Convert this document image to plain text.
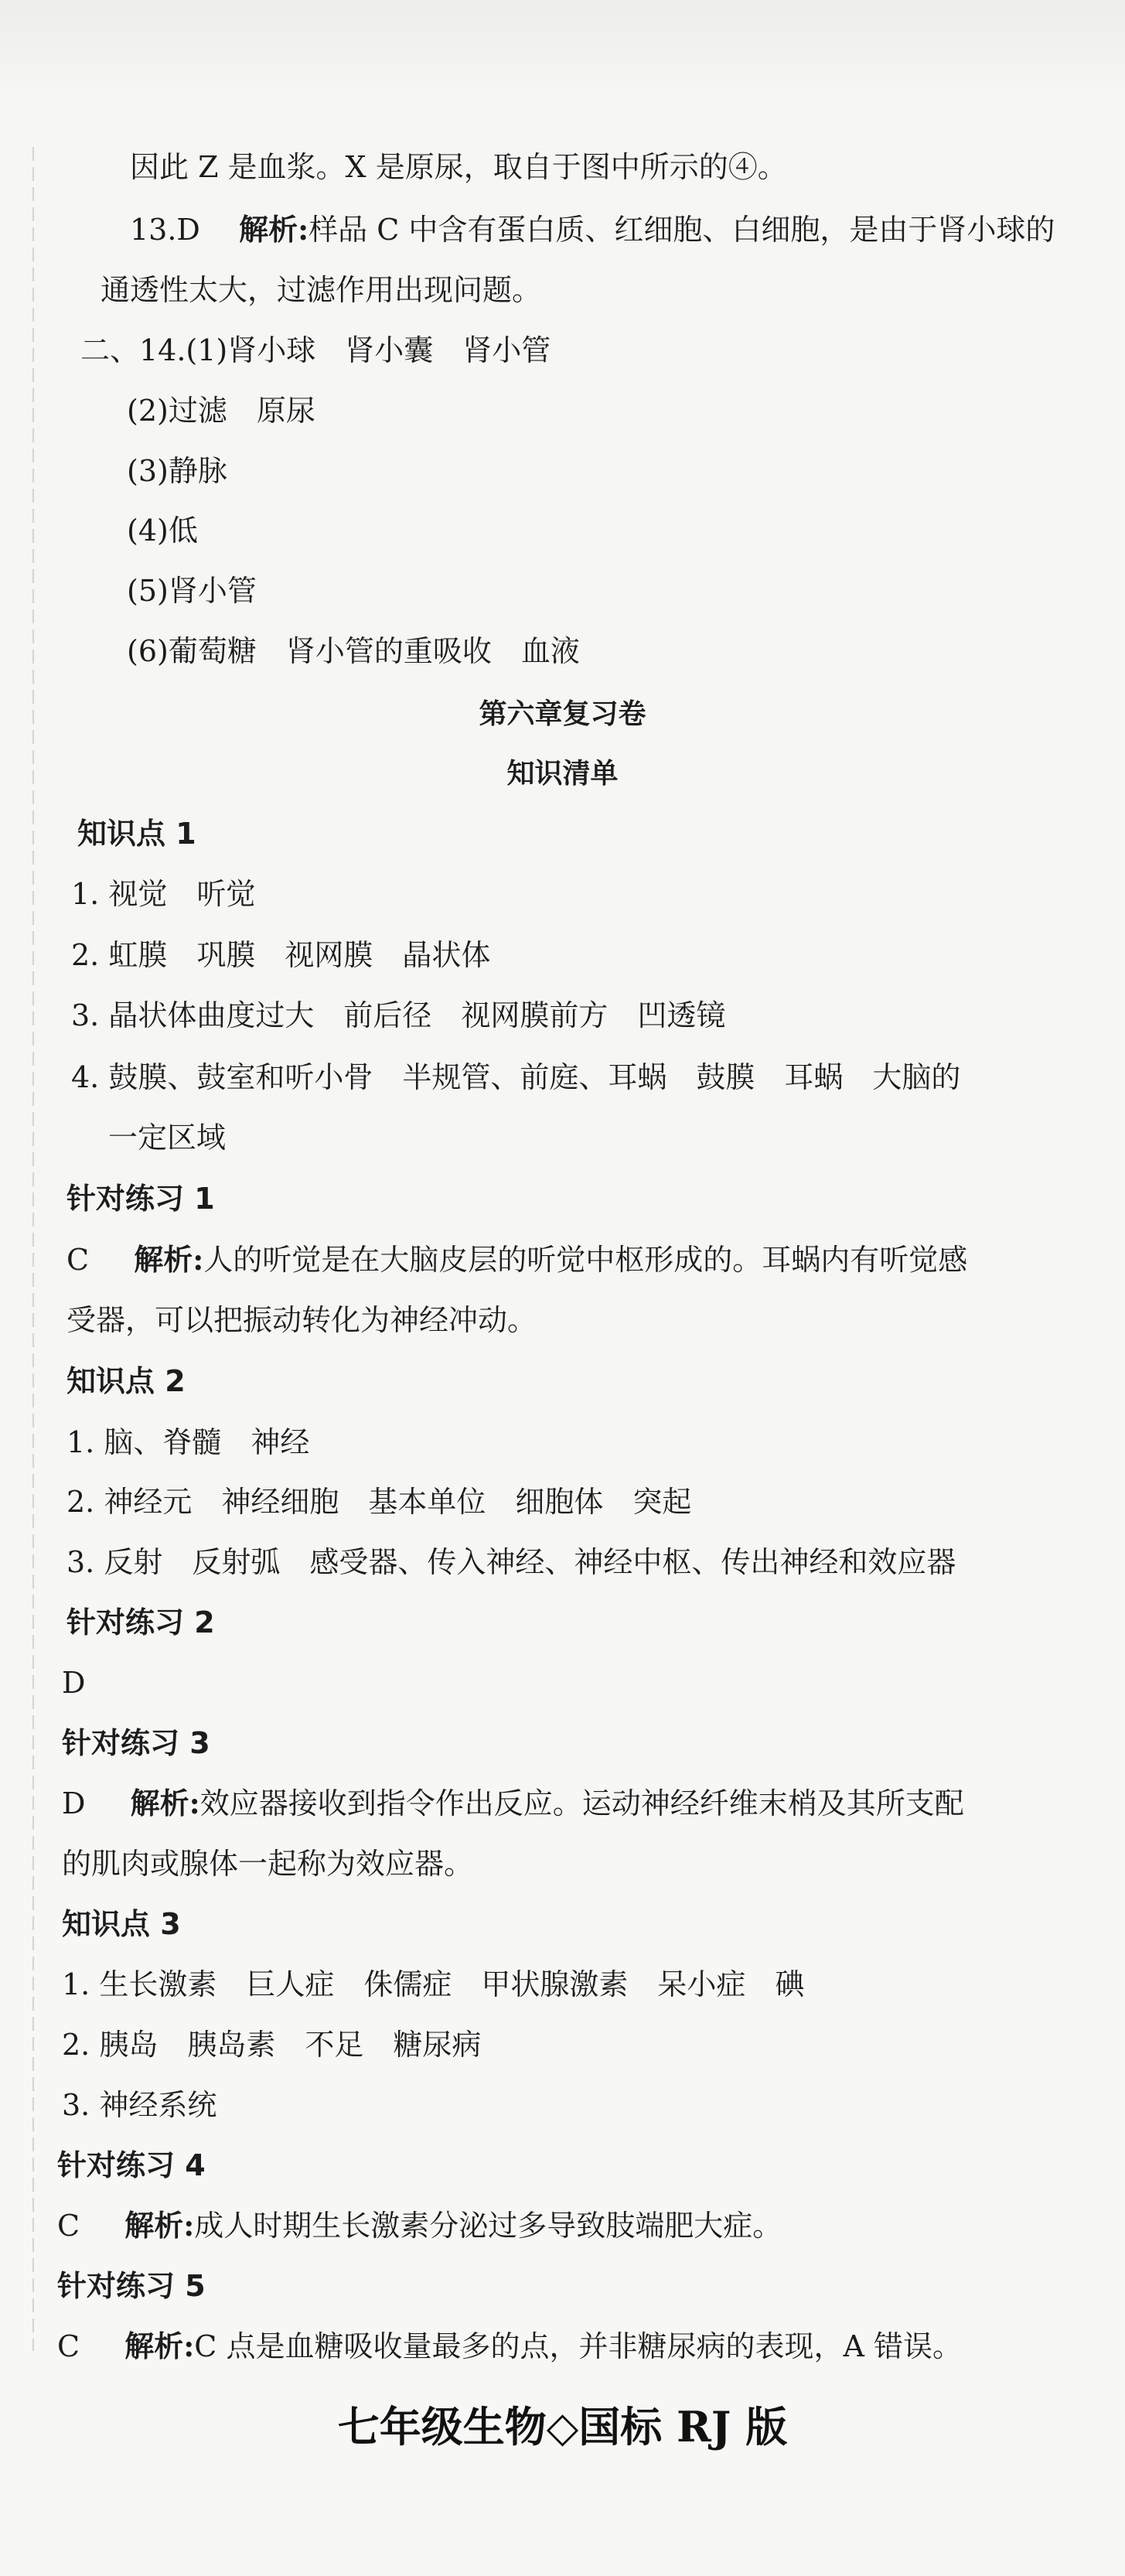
因此 Z 是血浆。X 是原尿，取自于图中所示的④。
13.D 解析:样品 C 中含有蛋白质、红细胞、白细胞，是由于肾小球的
通透性太大，过滤作用出现问题。
二、14.(1)肾小球　肾小囊　肾小管
(2)过滤　原尿
(3)静脉
(4)低
(5)肾小管
(6)葡萄糖　肾小管的重吸收　血液
第六章复习卷
知识清单
知识点 1
1. 视觉　听觉
2. 虹膜　巩膜　视网膜　晶状体
3. 晶状体曲度过大　前后径　视网膜前方　凹透镜
4. 鼓膜、鼓室和听小骨　半规管、前庭、耳蜗　鼓膜　耳蜗　大脑的
一定区域
针对练习 1
C 解析:人的听觉是在大脑皮层的听觉中枢形成的。耳蜗内有听觉感
受器，可以把振动转化为神经冲动。
知识点 2
1. 脑、脊髓　神经
2. 神经元　神经细胞　基本单位　细胞体　突起
3. 反射　反射弧　感受器、传入神经、神经中枢、传出神经和效应器
针对练习 2
D
针对练习 3
D 解析:效应器接收到指令作出反应。运动神经纤维末梢及其所支配
的肌肉或腺体一起称为效应器。
知识点 3
1. 生长激素　巨人症　侏儒症　甲状腺激素　呆小症　碘
2. 胰岛　胰岛素　不足　糖尿病
3. 神经系统
针对练习 4
C 解析:成人时期生长激素分泌过多导致肢端肥大症。
针对练习 5
C 解析:C 点是血糖吸收量最多的点，并非糖尿病的表现，A 错误。
七年级生物◇国标 RJ 版
